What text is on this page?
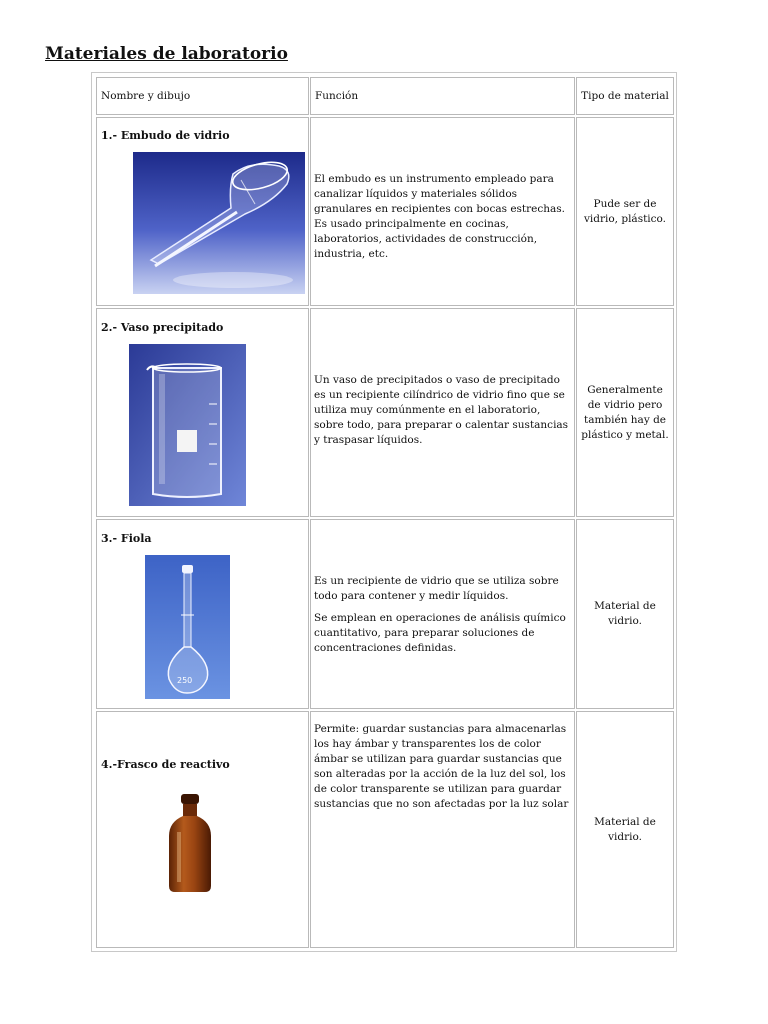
Materiales de laboratorio
Nombre y dibujo	Función	Tipo de material
1.- Embudo de vidrio

El embudo es un instrumento empleado para canalizar líquidos y materiales sólidos granulares en recipientes con bocas estrechas. Es usado principalmente en cocinas, laboratorios, actividades de construcción, industria, etc.

Pude ser de vidrio, plástico.
2.- Vaso precipitado

Un vaso de precipitados o vaso de precipitado es un recipiente cilíndrico de vidrio fino que se utiliza muy comúnmente en el laboratorio, sobre todo, para preparar o calentar sustancias y traspasar líquidos.

Generalmente de vidrio pero también hay de plástico y metal.
3.- Fiola
250

Es un recipiente de vidrio que se utiliza sobre todo para contener y medir líquidos.

Se emplean en operaciones de análisis químico cuantitativo, para preparar soluciones de concentraciones definidas.

Material de vidrio.
4.-Frasco de reactivo

Permite: guardar sustancias para almacenarlas los hay ámbar y transparentes los de color ámbar se utilizan para guardar sustancias que son alteradas por la acción de la luz del sol, los de color transparente se utilizan para guardar sustancias que no son afectadas por la luz solar

Material de vidrio.
